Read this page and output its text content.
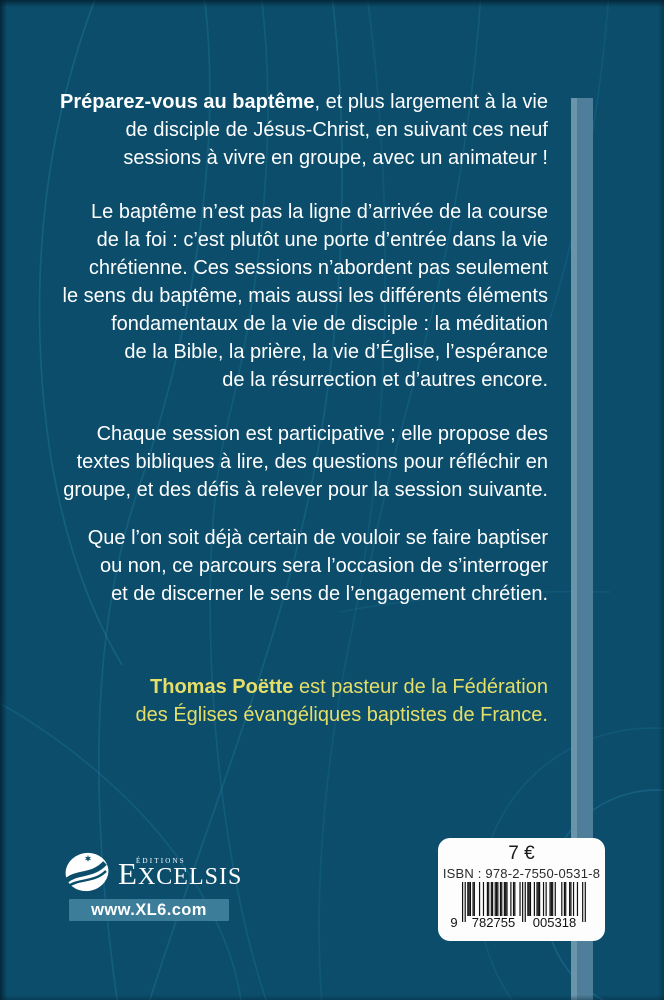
Préparez-vous au baptême, et plus largement à la vie
de disciple de Jésus-Christ, en suivant ces neuf
sessions à vivre en groupe, avec un animateur !

Le baptême n’est pas la ligne d’arrivée de la course
de la foi : c’est plutôt une porte d’entrée dans la vie
chrétienne. Ces sessions n’abordent pas seulement
le sens du baptême, mais aussi les différents éléments
fondamentaux de la vie de disciple : la méditation
de la Bible, la prière, la vie d’Église, l’espérance
de la résurrection et d’autres encore.

Chaque session est participative ; elle propose des
textes bibliques à lire, des questions pour réfléchir en
groupe, et des défis à relever pour la session suivante.

Que l’on soit déjà certain de vouloir se faire baptiser
ou non, ce parcours sera l’occasion de s’interroger
et de discerner le sens de l’engagement chrétien.

Thomas Poëtte est pasteur de la Fédération
des Églises évangéliques baptistes de France.
ÉDITIONS
EXCELSIS
www.XL6.com
7 €
ISBN : 978-2-7550-0531-8
9	782755	005318
